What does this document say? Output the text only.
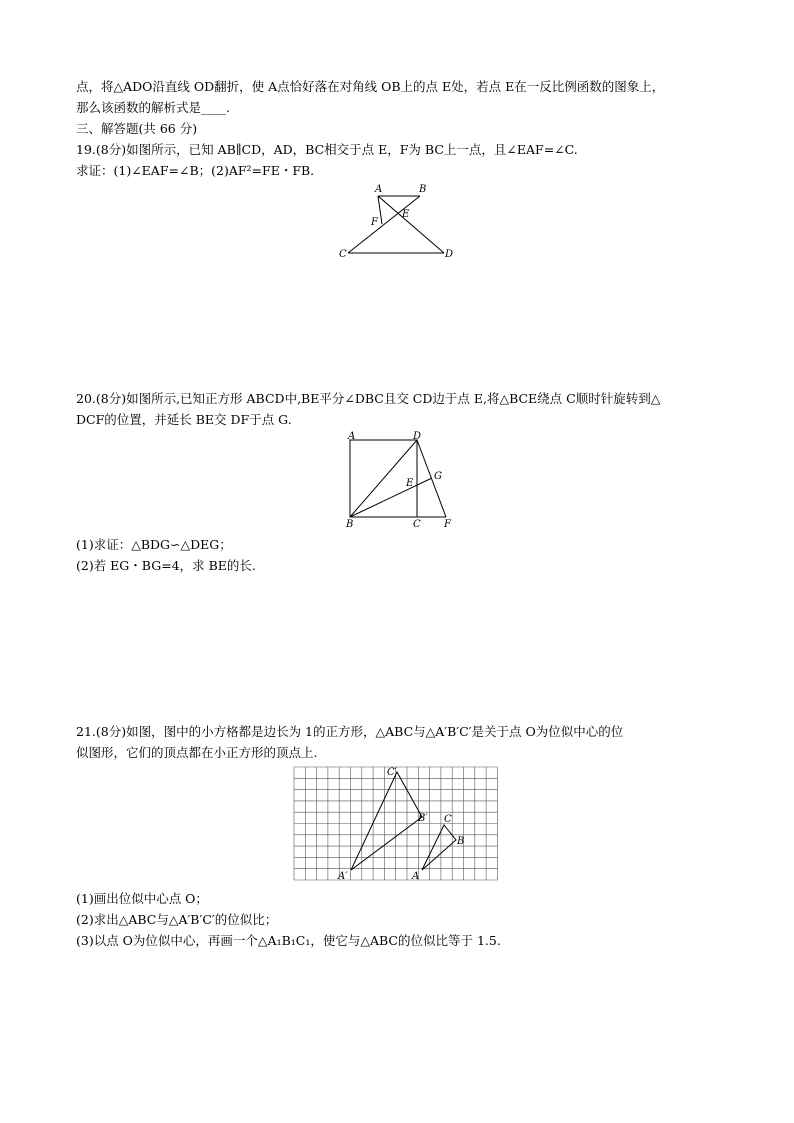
点，将△ADO沿直线 OD翻折，使 A点恰好落在对角线 OB上的点 E处，若点 E在一反比例函数的图象上，
那么该函数的解析式是____.
三、解答题(共 66 分)
19.(8分)如图所示，已知 AB∥CD，AD，BC相交于点 E，F为 BC上一点，且∠EAF=∠C.
求证：(1)∠EAF=∠B；(2)AF²=FE・FB.
A	B
F
E
C	D
20.(8分)如图所示,已知正方形 ABCD中,BE平分∠DBC且交 CD边于点 E,将△BCE绕点 C顺时针旋转到△
DCF的位置，并延长 BE交 DF于点 G.
A	D
E
G
B	C F
(1)求证：△BDG∽△DEG；
(2)若 EG・BG=4，求 BE的长.
21.(8分)如图，图中的小方格都是边长为 1的正方形，△ABC与△A′B′C′是关于点 O为位似中心的位
似图形，它们的顶点都在小正方形的顶点上.
A′
B′
C′
A
B
C
(1)画出位似中心点 O；
(2)求出△ABC与△A′B′C′的位似比；
(3)以点 O为位似中心，再画一个△A₁B₁C₁，使它与△ABC的位似比等于 1.5.
